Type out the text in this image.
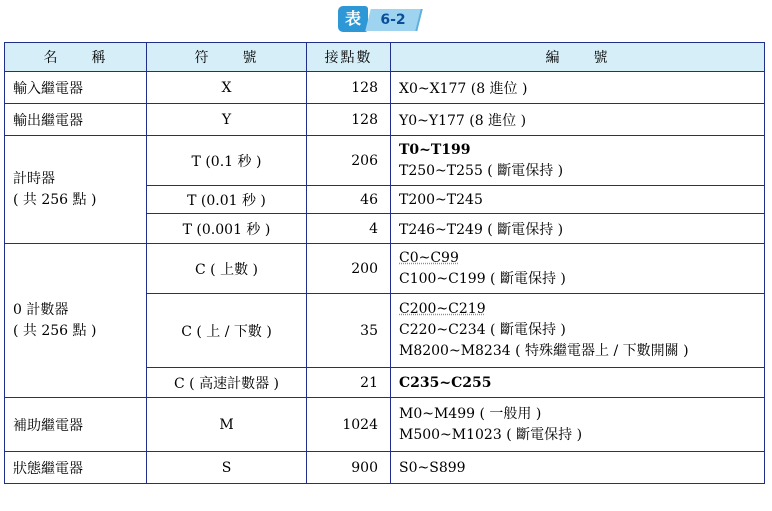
表	6-2
名　　稱	符　　號	接點數	編　　號
輸入繼電器	X	128	X0~X177 (8 進位 )
輸出繼電器	Y	128	Y0~Y177 (8 進位 )

計時器
( 共 256 點 )	T (0.1 秒 )	206	T0~T199
T250~T255 ( 斷電保持 )

	T (0.01 秒 )	46	T200~T245
	T (0.001 秒 )	4	T246~T249 ( 斷電保持 )

0 計數器
( 共 256 點 )	C ( 上數 )	200	C0~C99
C100~C199 ( 斷電保持 )

	C ( 上 / 下數 )	35	C200~C219
C220~C234 ( 斷電保持 )
M8200~M8234 ( 特殊繼電器上 / 下數開關 )

	C ( 高速計數器 )	21	C235~C255
補助繼電器	M	1024	M0~M499 ( 一般用 )
M500~M1023 ( 斷電保持 )

狀態繼電器	S	900	S0~S899
